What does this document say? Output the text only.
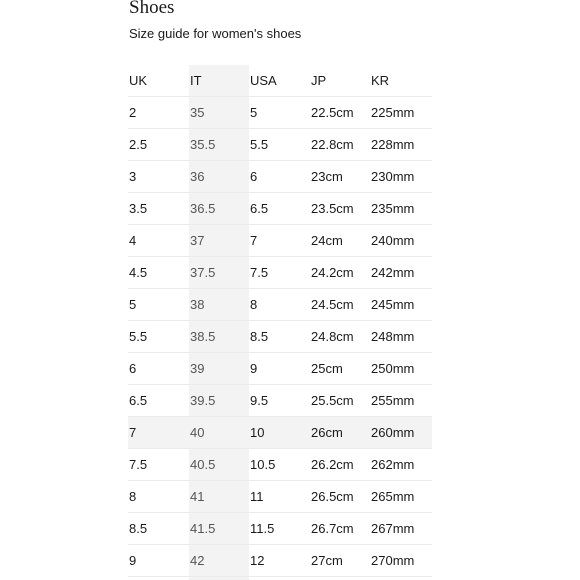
Shoes

Size guide for women's shoes

UK	IT	USA	JP	KR
2	35	5	22.5cm	225mm
2.5	35.5	5.5	22.8cm	228mm
3	36	6	23cm	230mm
3.5	36.5	6.5	23.5cm	235mm
4	37	7	24cm	240mm
4.5	37.5	7.5	24.2cm	242mm
5	38	8	24.5cm	245mm
5.5	38.5	8.5	24.8cm	248mm
6	39	9	25cm	250mm
6.5	39.5	9.5	25.5cm	255mm
7	40	10	26cm	260mm
7.5	40.5	10.5	26.2cm	262mm
8	41	11	26.5cm	265mm
8.5	41.5	11.5	26.7cm	267mm
9	42	12	27cm	270mm
